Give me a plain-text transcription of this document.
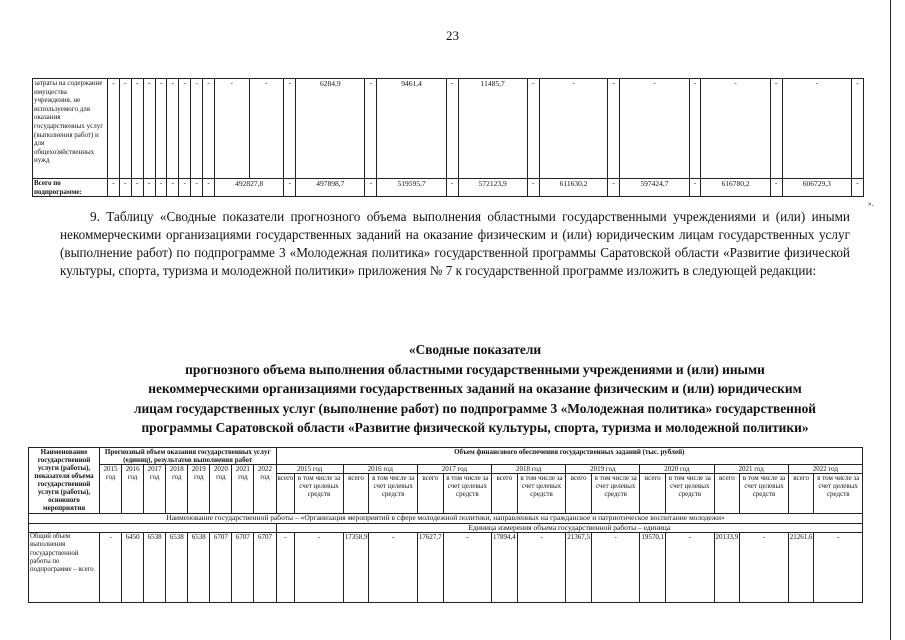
23
затраты на содержание имущества учреждения, не используемого для оказания государственных услуг (выполнения работ) и для общехозяйственных нужд	-	-	-	-	-	-	-	-	-	-	-	-	6284,9	-	9461,4	-	11485,7	-	-	-	-	-	-	-	-	-
Всего по подпрограмме:	-	-	-	-	-	-	-	-	-	492827,8		-	497898,7	-	519595,7	-	572123,9	-	611630,2	-	597424,7	-	616780,2	-	606729,3	-
».
9. Таблицу «Сводные показатели прогнозного объема выполнения областными государственными учреждениями и (или) иными некоммерческими организациями государственных заданий на оказание физическим и (или) юридическим лицам государственных услуг (выполнение работ) по подпрограмме 3 «Молодежная политика» государственной программы Саратовской области «Развитие физической культуры, спорта, туризма и молодежной политики» приложения № 7 к государственной программе изложить в следующей редакции:
«Сводные показатели
прогнозного объема выполнения областными государственными учреждениями и (или) иными
некоммерческими организациями государственных заданий на оказание физическим и (или) юридическим
лицам государственных услуг (выполнение работ) по подпрограмме 3 «Молодежная политика» государственной
программы Саратовской области «Развитие физической культуры, спорта, туризма и молодежной политики»
Наименование государственной услуги (работы), показателя объема государственной услуги (работы), основного мероприятия	Прогнозный объем оказания государственных услуг (единиц), результатов выполнения работ								Объем финансового обеспечения государственных заданий (тыс. рублей)															
	2015 год	2016 год	2017 год	2018 год	2019 год	2020 год	2021 год	2022 год	2015 год		2016 год		2017 год		2018 год		2019 год		2020 год		2021 год		2022 год	
									всего	в том числе за счет целевых средств	всего	в том числе за счет целевых средств	всего	в том числе за счет целевых средств	всего	в том числе за счет целевых средств	всего	в том числе за счет целевых средств	всего	в том числе за счет целевых средств	всего	в том числе за счет целевых средств	всего	в том числе за счет целевых средств
Наименование государственной работы – «Организация мероприятий в сфере молодежной политики, направленных на гражданское и патриотическое воспитание молодежи»																								
									Единица измерения объема государственной работы – единица															
Общий объем выполнения государственной работы по подпрограмме – всего	-	6450	6538	6538	6538	6707	6707	6707	-	-	17358,9	-	17627,7	-	17894,4	-	21367,5	-	19570,1	-	20133,9	-	21261,6	-
